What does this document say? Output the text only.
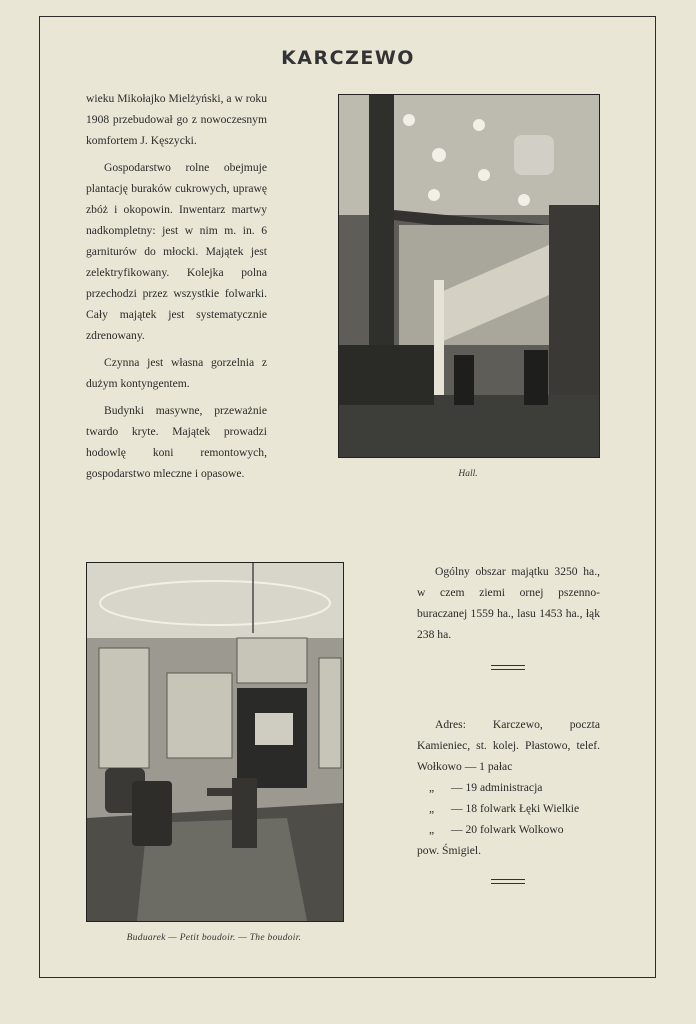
KARCZEWO

wieku Mikołajko Mielżyński, a w roku 1908 przebudował go z nowoczesnym komfortem J. Kęszycki.

Gospodarstwo rolne obejmuje plantację buraków cukrowych, uprawę zbóż i okopowin. Inwentarz martwy nadkompletny: jest w nim m. in. 6 garniturów do młocki. Majątek jest zelektryfikowany. Kolejka polna przechodzi przez wszystkie folwarki. Cały majątek jest systematycznie zdrenowany.

Czynna jest własna gorzelnia z dużym kontyngentem.

Budynki masywne, przeważnie twardo kryte. Majątek prowadzi hodowlę koni remontowych, gospodarstwo mleczne i opasowe.	Hall.
Buduarek — Petit boudoir. — The boudoir.

Ogólny obszar majątku 3250 ha., w czem ziemi ornej pszenno-buraczanej 1559 ha., lasu 1453 ha., łąk 238 ha.

Adres: Karczewo, poczta Kamieniec, st. kolej. Płastowo, telef. Wołkowo — 1 pałac

„	— 19 administracja
„	— 18 folwark Łęki Wielkie
„	— 20 folwark Wolkowo
pow. Śmigiel.
